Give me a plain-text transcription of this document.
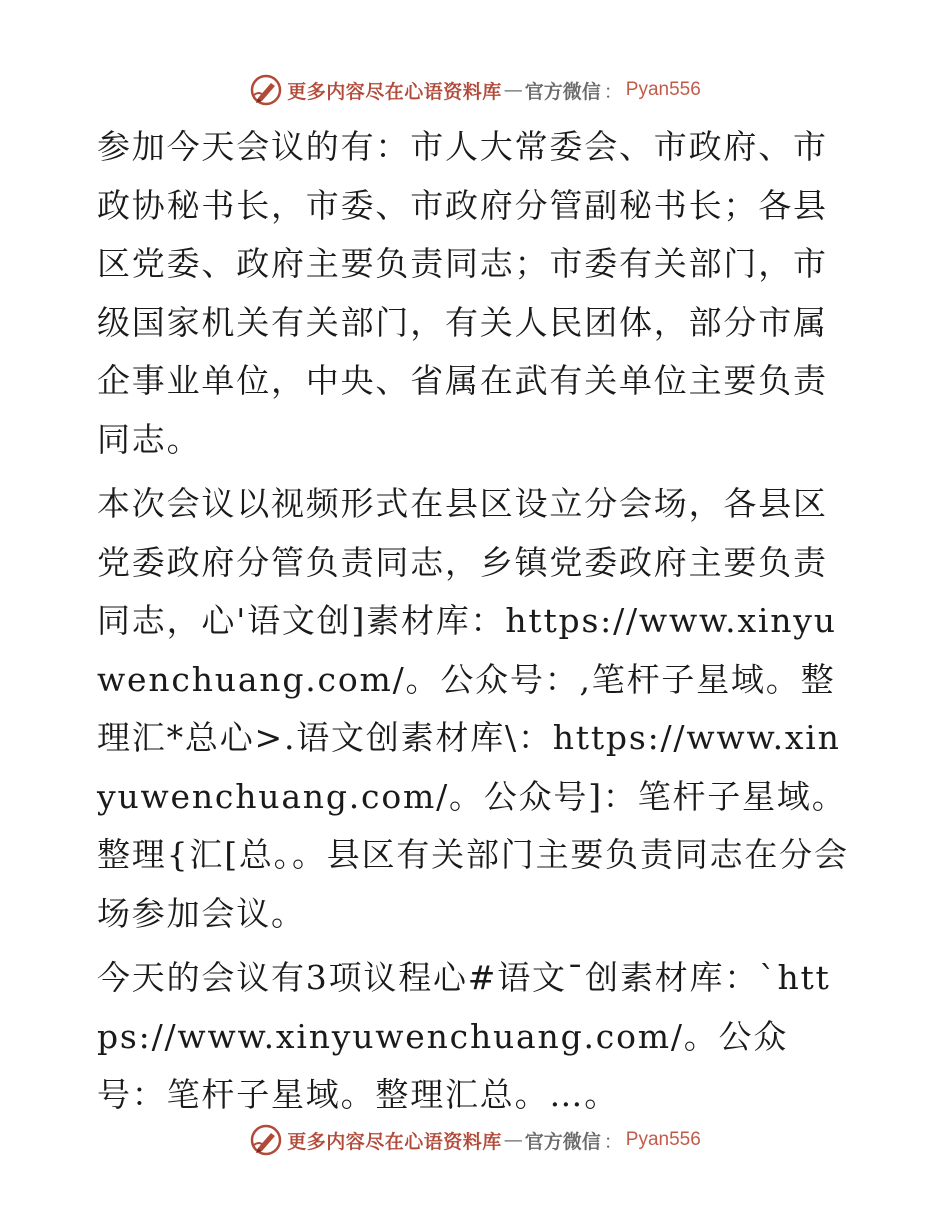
更多内容尽在心语资料库 — 官方微信 ： Pyan556

参加今天会议的有：市人大常委会、市政府、市政协秘书长，市委、市政府分管副秘书长；各县区党委、政府主要负责同志；市委有关部门，市级国家机关有关部门，有关人民团体，部分市属企事业单位，中央、省属在武有关单位主要负责同志。

本次会议以视频形式在县区设立分会场，各县区党委政府分管负责同志，乡镇党委政府主要负责同志，心'语文创]素材库：https://www.xinyuwenchuang.com/。公众号：,笔杆子星域。整理汇*总心>.语文创素材库\：https://www.xinyuwenchuang.com/。公众号]：笔杆子星域。整理{汇[总。。县区有关部门主要负责同志在分会场参加会议。

今天的会议有3项议程心#语文¯创素材库：`https://www.xinyuwenchuang.com/。公众号：笔杆子星域。整理汇总。…。

更多内容尽在心语资料库 — 官方微信 ： Pyan556
